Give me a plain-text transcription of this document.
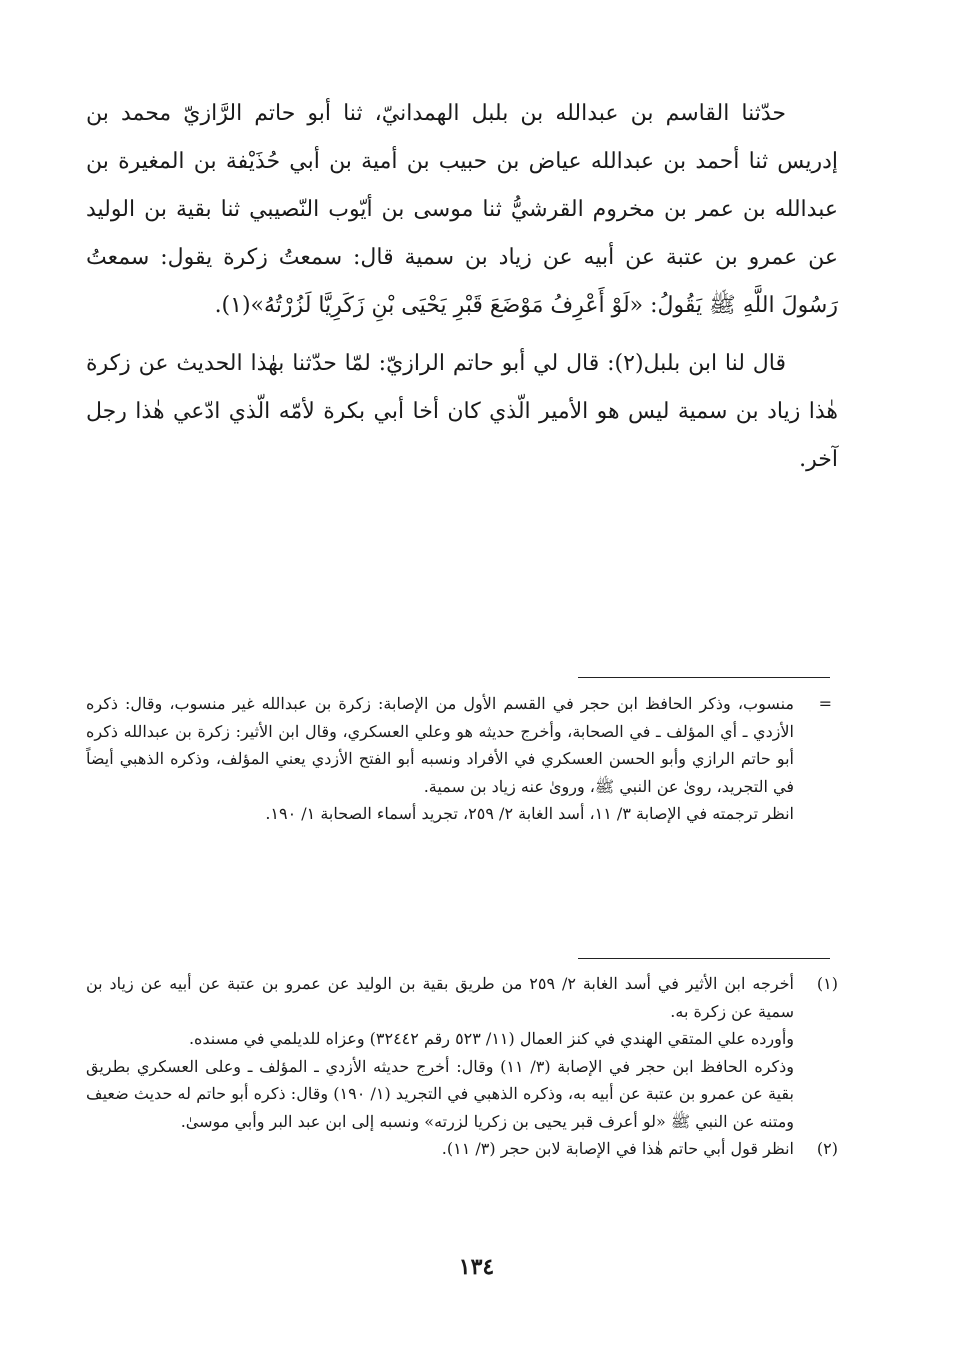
حدّثنا القاسم بن عبدالله بن بلبل الهمدانيّ، ثنا أبو حاتم الرَّازيّ محمد بن إدريس ثنا أحمد بن عبدالله عياض بن حبيب بن أمية بن أبي حُذَيْفة بن المغيرة بن عبدالله بن عمر بن مخروم القرشيُّ ثنا موسى بن أيّوب النّصيبي ثنا بقية بن الوليد عن عمرو بن عتبة عن أبيه عن زياد بن سمية قال: سمعتُ زكرة يقول: سمعتُ رَسُولَ اللَّهِ ﷺ يَقُولُ: «لَوْ أَعْرِفُ مَوْضَعَ قَبْرِ يَحْيَى بْنِ زَكَرِيَّا لَزُرْتُهُ»(١).

قال لنا ابن بلبل(٢): قال لي أبو حاتم الرازيّ: لمّا حدّثنا بهٰذا الحديث عن زكرة هٰذا زياد بن سمية ليس هو الأمير الّذي كان أخا أبي بكرة لأمّه الّذي ادّعي هٰذا رجل آخر.

=

منسوب، وذكر الحافظ ابن حجر في القسم الأول من الإصابة: زكرة بن عبدالله غير منسوب، وقال: ذكره الأزدي ـ أي المؤلف ـ في الصحابة، وأخرج حديثه هو وعلي العسكري، وقال ابن الأثير: زكرة بن عبدالله ذكره أبو حاتم الرازي وأبو الحسن العسكري في الأفراد ونسبه أبو الفتح الأزدي يعني المؤلف، وذكره الذهبي أيضاً في التجريد، روىٰ عن النبي ﷺ، وروىٰ عنه زياد بن سمية.

انظر ترجمته في الإصابة ٣/ ١١، أسد الغابة ٢/ ٢٥٩، تجريد أسماء الصحابة ١/ ١٩٠.

(١)

أخرجه ابن الأثير في أسد الغابة ٢/ ٢٥٩ من طريق بقية بن الوليد عن عمرو بن عتبة عن أبيه عن زياد بن سمية عن زكرة به.

وأورده علي المتقي الهندي في كنز العمال (١١/ ٥٢٣ رقم ٣٢٤٤٢) وعزاه للديلمي في مسنده.

وذكره الحافظ ابن حجر في الإصابة (٣/ ١١) وقال: أخرج حديثه الأزدي ـ المؤلف ـ وعلى العسكري بطريق بقية عن عمرو بن عتبة عن أبيه به، وذكره الذهبي في التجريد (١/ ١٩٠) وقال: ذكره أبو حاتم له حديث ضعيف ومتنه عن النبي ﷺ «لو أعرف قبر يحيى بن زكريا لزرته» ونسبه إلى ابن عبد البر وأبي موسىٰ.

(٢)

انظر قول أبي حاتم هٰذا في الإصابة لابن حجر (٣/ ١١).

١٣٤
